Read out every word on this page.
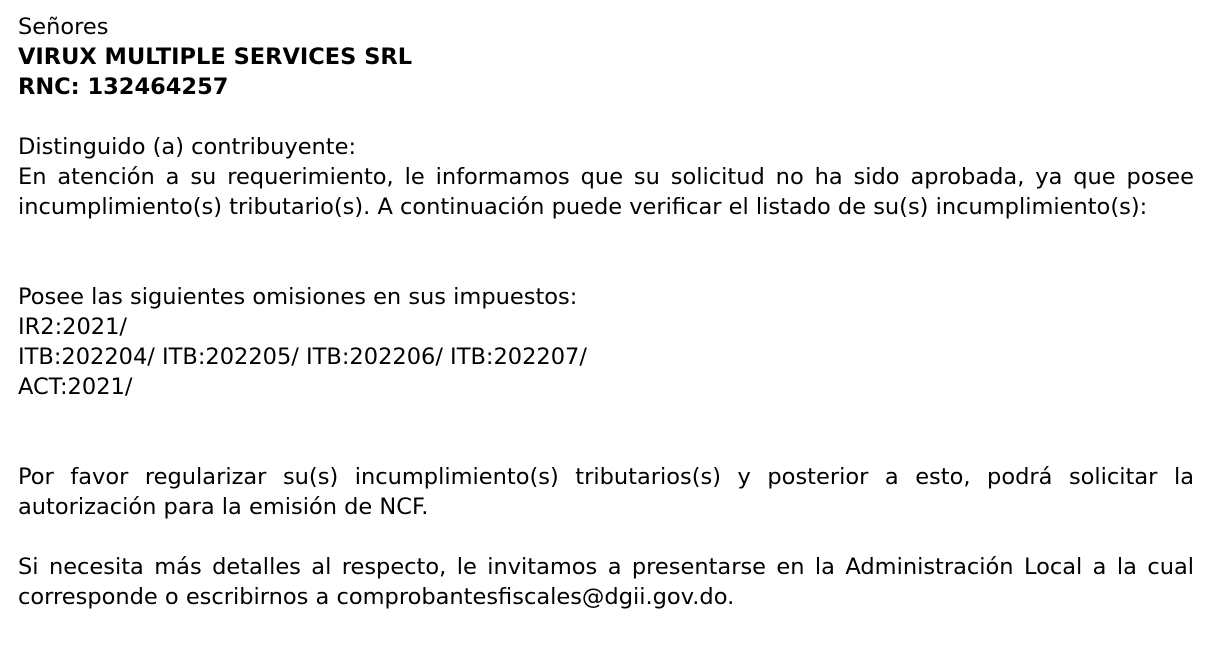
Señores
VIRUX MULTIPLE SERVICES SRL
RNC: 132464257
Distinguido (a) contribuyente:
En atención a su requerimiento, le informamos que su solicitud no ha sido aprobada, ya que posee incumplimiento(s) tributario(s). A continuación puede verificar el listado de su(s) incumplimiento(s):
Posee las siguientes omisiones en sus impuestos:
IR2:2021/
ITB:202204/ ITB:202205/ ITB:202206/ ITB:202207/
ACT:2021/
Por favor regularizar su(s) incumplimiento(s) tributarios(s) y posterior a esto, podrá solicitar la autorización para la emisión de NCF.
Si necesita más detalles al respecto, le invitamos a presentarse en la Administración Local a la cual corresponde o escribirnos a comprobantesfiscales@dgii.gov.do.
